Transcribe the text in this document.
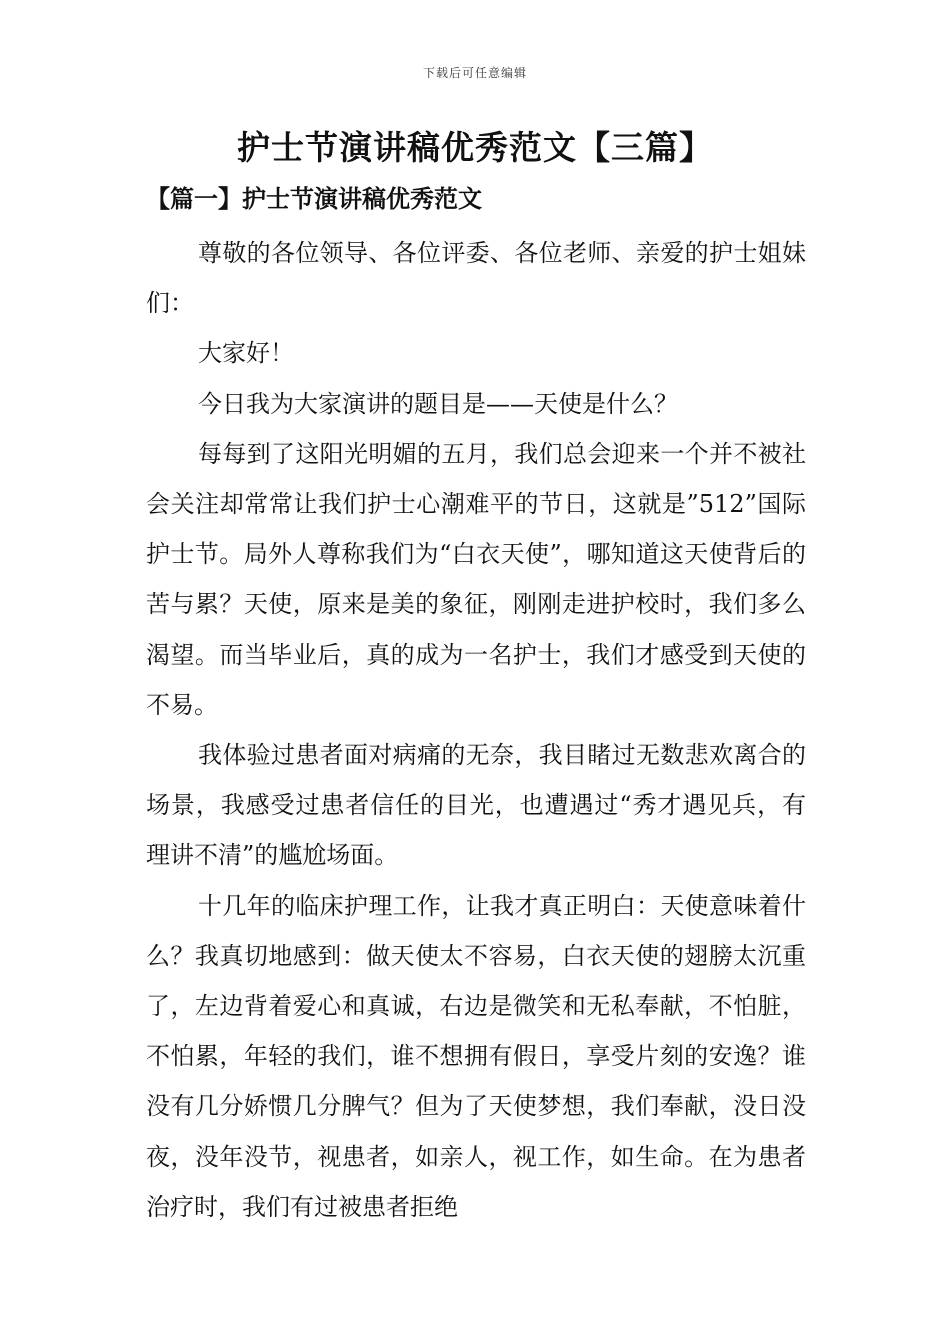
下载后可任意编辑
护士节演讲稿优秀范文【三篇】
【篇一】护士节演讲稿优秀范文

尊敬的各位领导、各位评委、各位老师、亲爱的护士姐妹们：

大家好！

今日我为大家演讲的题目是——天使是什么？

每每到了这阳光明媚的五月，我们总会迎来一个并不被社会关注却常常让我们护士心潮难平的节日，这就是”512”国际护士节。局外人尊称我们为“白衣天使”，哪知道这天使背后的苦与累？天使，原来是美的象征，刚刚走进护校时，我们多么渴望。而当毕业后，真的成为一名护士，我们才感受到天使的不易。

我体验过患者面对病痛的无奈，我目睹过无数悲欢离合的场景，我感受过患者信任的目光，也遭遇过“秀才遇见兵，有理讲不清”的尴尬场面。

十几年的临床护理工作，让我才真正明白：天使意味着什么？我真切地感到：做天使太不容易，白衣天使的翅膀太沉重了，左边背着爱心和真诚，右边是微笑和无私奉献，不怕脏，不怕累，年轻的我们，谁不想拥有假日，享受片刻的安逸？谁没有几分娇惯几分脾气？但为了天使梦想，我们奉献，没日没夜，没年没节，视患者，如亲人，视工作，如生命。在为患者治疗时，我们有过被患者拒绝
